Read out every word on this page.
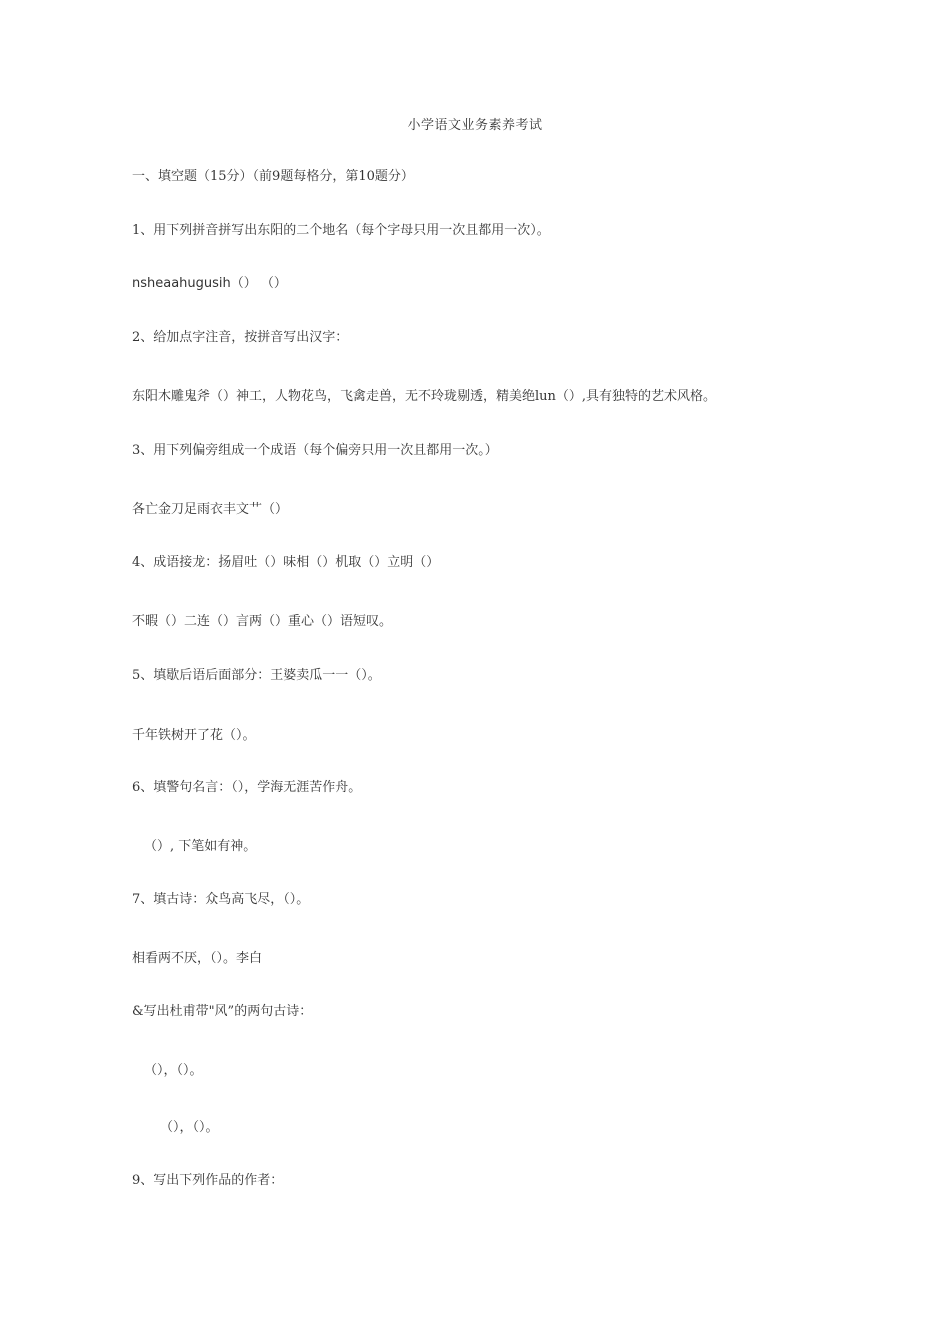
小学语文业务素养考试
一、填空题（15分）（前9题每格分，第10题分）
1、用下列拼音拼写出东阳的二个地名（每个字母只用一次且都用一次）。
nsheaahugusih（） （）
2、给加点字注音，按拼音写出汉字：
东阳木雕鬼斧（）神工，人物花鸟，飞禽走兽，无不玲珑剔透，精美绝lun（）,具有独特的艺术风格。
3、用下列偏旁组成一个成语（每个偏旁只用一次且都用一次。）
各亡金刀足雨衣丰文艹（）
4、成语接龙：扬眉吐（）味相（）机取（）立明（）
不暇（）二连（）言两（）重心（）语短叹。
5、填歇后语后面部分：王婆卖瓜一一（）。
千年铁树开了花（）。
6、填警句名言：（），学海无涯苦作舟。
（）, 下笔如有神。
7、填古诗：众鸟高飞尽，（）。
相看两不厌，（）。李白
&写出杜甫带"风”的两句古诗：
（），（）。
（），（）。
9、写出下列作品的作者：
